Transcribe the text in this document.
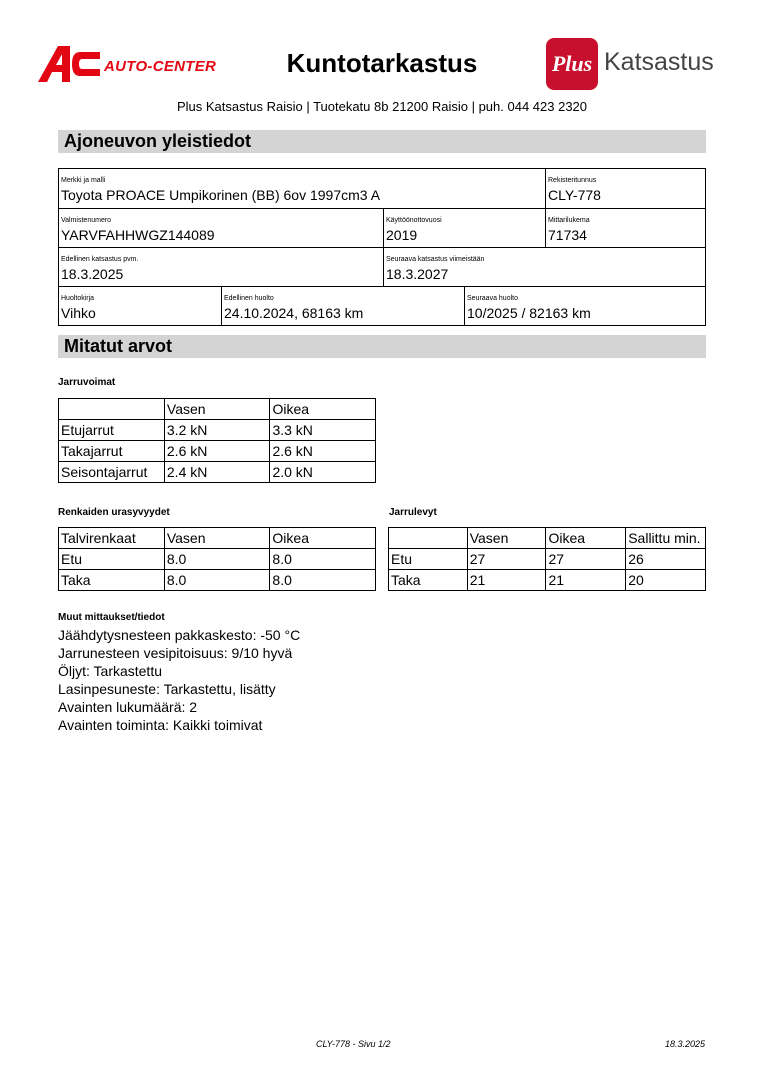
AUTO-CENTER	Kuntotarkastus	Plus Katsastus
Plus Katsastus Raisio | Tuotekatu 8b 21200 Raisio | puh. 044 423 2320
Ajoneuvon yleistiedot
Merkki ja malli
Toyota PROACE Umpikorinen (BB) 6ov 1997cm3 A
Rekisteritunnus
CLY-778
Valmistenumero
YARVFAHHWGZ144089
Käyttöönottovuosi
2019
Mittarilukema
71734
Edellinen katsastus pvm.
18.3.2025
Seuraava katsastus viimeistään
18.3.2027
Huoltokirja
Vihko
Edellinen huolto
24.10.2024, 68163 km
Seuraava huolto
10/2025 / 82163 km
Mitatut arvot
Jarruvoimat
	Vasen	Oikea
Etujarrut	3.2 kN	3.3 kN
Takajarrut	2.6 kN	2.6 kN
Seisontajarrut	2.4 kN	2.0 kN
Renkaiden urasyvyydet
Talvirenkaat	Vasen	Oikea
Etu	8.0	8.0
Taka	8.0	8.0
Jarrulevyt
	Vasen	Oikea	Sallittu min.
Etu	27	27	26
Taka	21	21	20
Muut mittaukset/tiedot
Jäähdytysnesteen pakkaskesto: -50 °C
Jarrunesteen vesipitoisuus: 9/10 hyvä
Öljyt: Tarkastettu
Lasinpesuneste: Tarkastettu, lisätty
Avainten lukumäärä: 2
Avainten toiminta: Kaikki toimivat
CLY-778 - Sivu 1/2	18.3.2025
